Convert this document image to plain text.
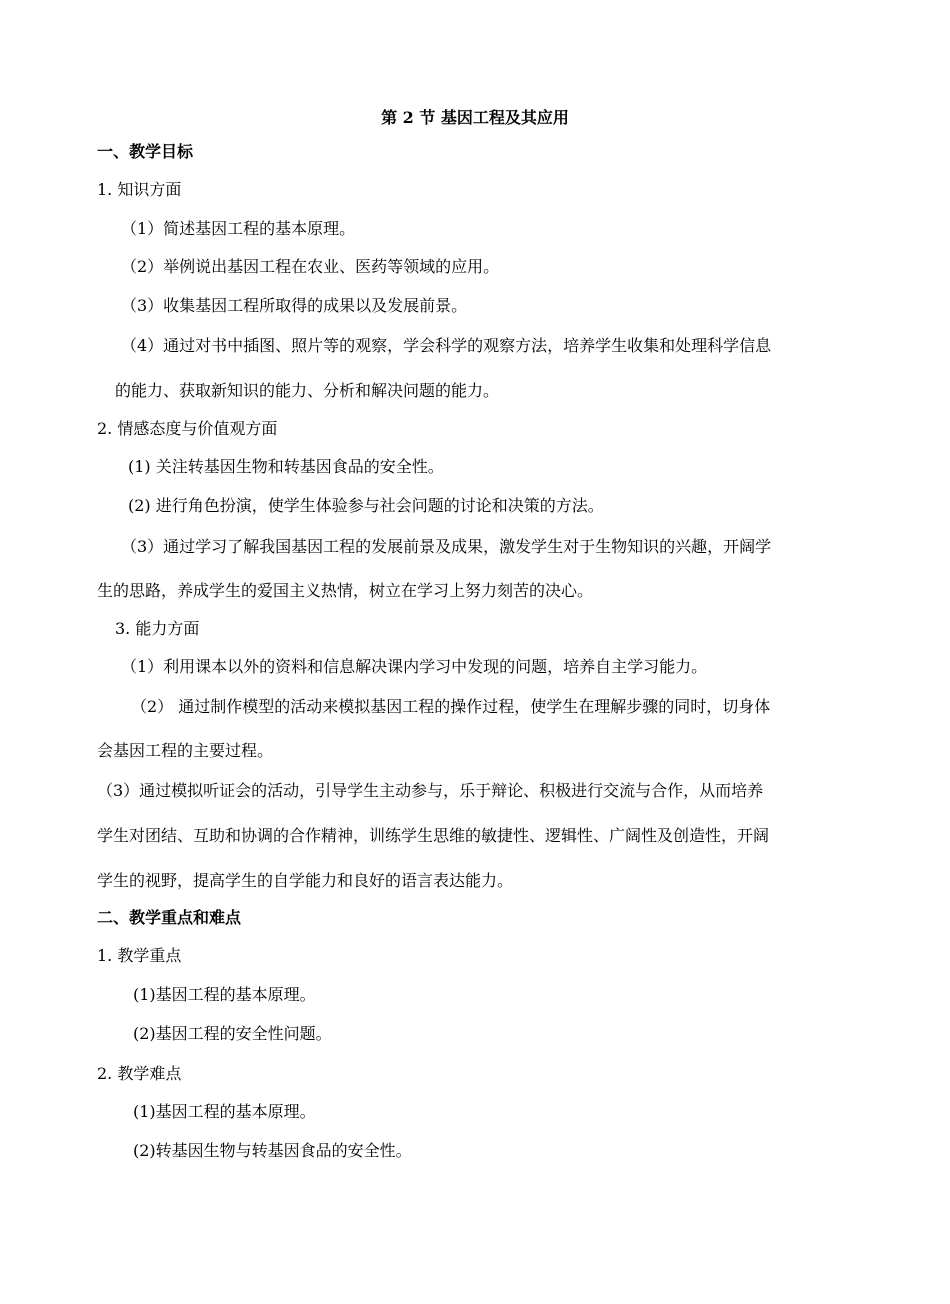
第 2 节 基因工程及其应用
一、教学目标
1. 知识方面
（1）简述基因工程的基本原理。
（2）举例说出基因工程在农业、医药等领域的应用。
（3）收集基因工程所取得的成果以及发展前景。
（4）通过对书中插图、照片等的观察，学会科学的观察方法，培养学生收集和处理科学信息
的能力、获取新知识的能力、分析和解决问题的能力。
2. 情感态度与价值观方面
(1) 关注转基因生物和转基因食品的安全性。
(2) 进行角色扮演，使学生体验参与社会问题的讨论和决策的方法。
（3）通过学习了解我国基因工程的发展前景及成果，激发学生对于生物知识的兴趣，开阔学
生的思路，养成学生的爱国主义热情，树立在学习上努力刻苦的决心。
3. 能力方面
（1）利用课本以外的资料和信息解决课内学习中发现的问题，培养自主学习能力。
（2） 通过制作模型的活动来模拟基因工程的操作过程，使学生在理解步骤的同时，切身体
会基因工程的主要过程。
（3）通过模拟听证会的活动，引导学生主动参与，乐于辩论、积极进行交流与合作，从而培养
学生对团结、互助和协调的合作精神，训练学生思维的敏捷性、逻辑性、广阔性及创造性，开阔
学生的视野，提高学生的自学能力和良好的语言表达能力。
二、教学重点和难点
1. 教学重点
(1)基因工程的基本原理。
(2)基因工程的安全性问题。
2. 教学难点
(1)基因工程的基本原理。
(2)转基因生物与转基因食品的安全性。
